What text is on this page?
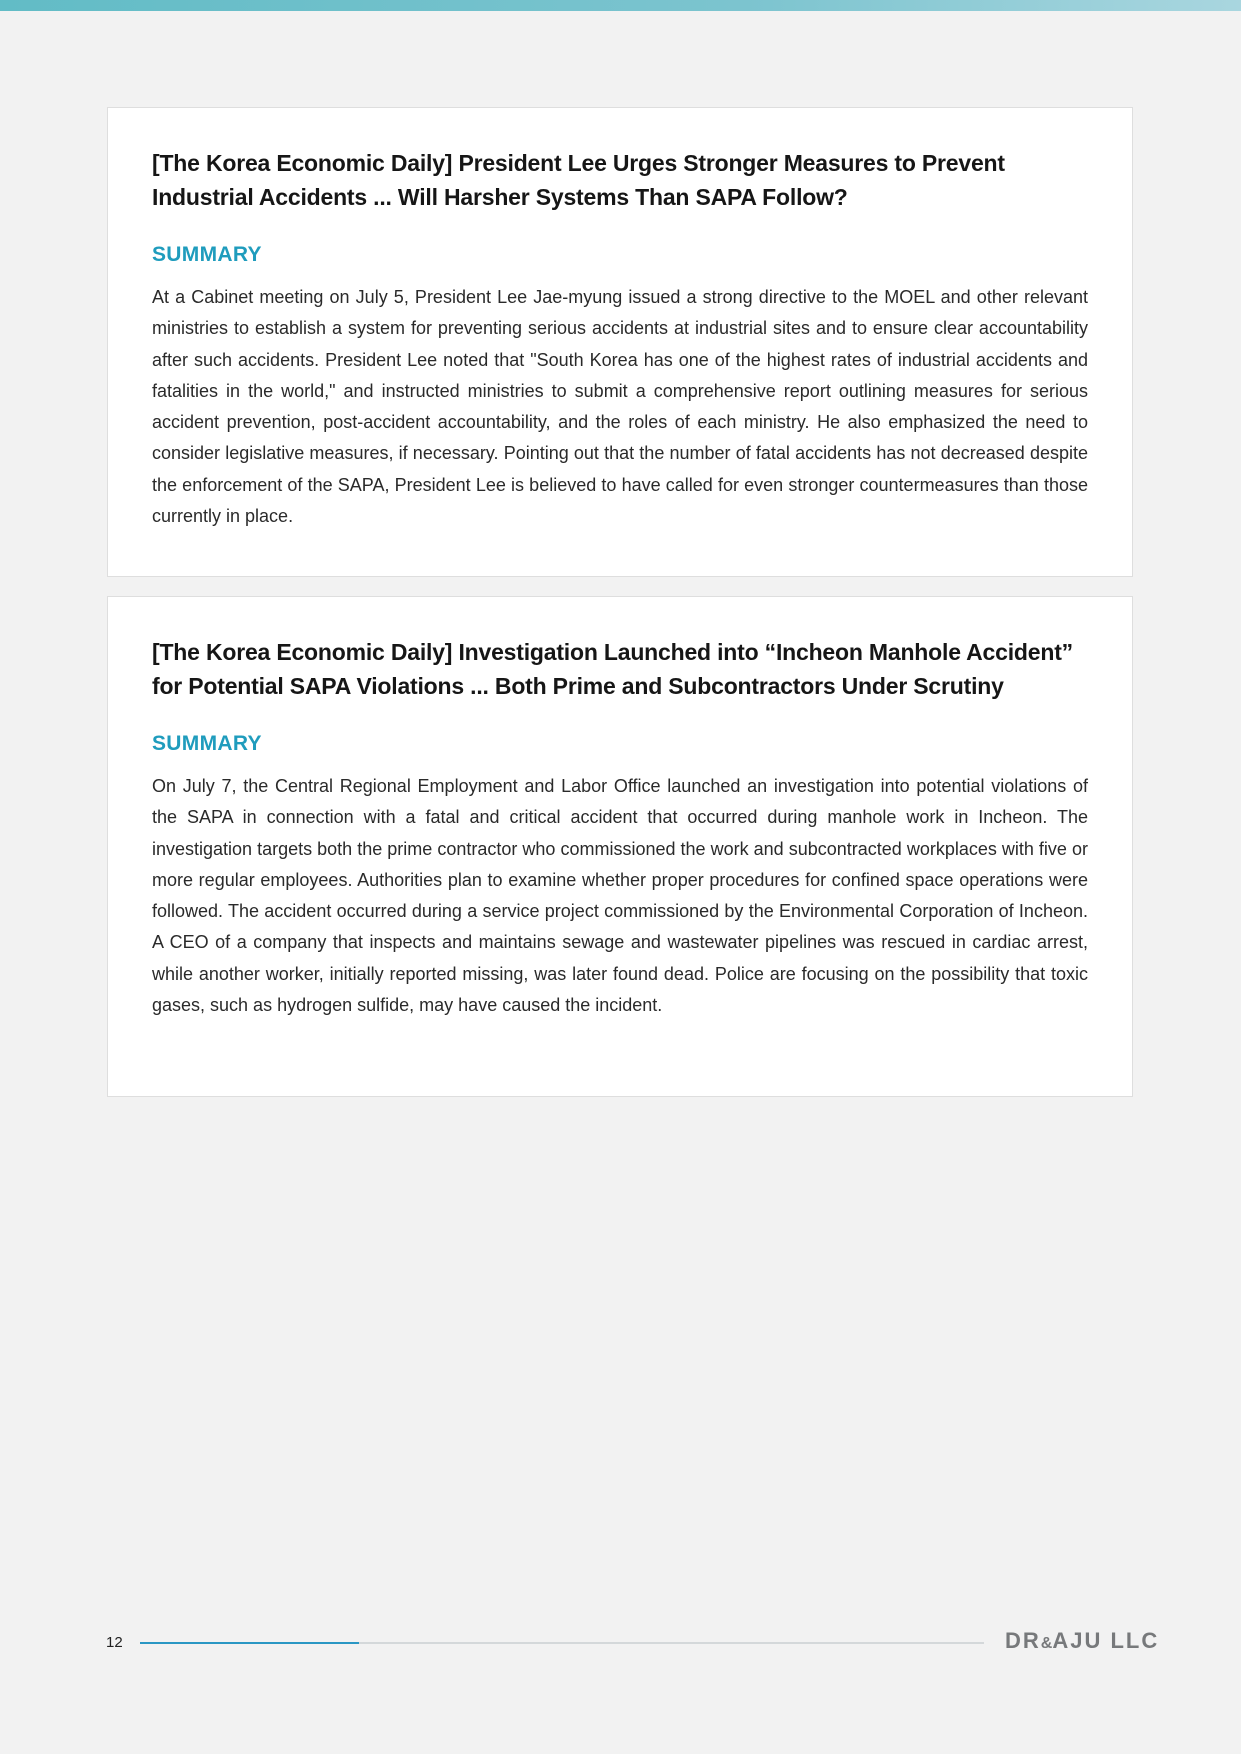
[The Korea Economic Daily] President Lee Urges Stronger Measures to Prevent Industrial Accidents ... Will Harsher Systems Than SAPA Follow?
SUMMARY

At a Cabinet meeting on July 5, President Lee Jae-myung issued a strong directive to the MOEL and other relevant ministries to establish a system for preventing serious accidents at industrial sites and to ensure clear accountability after such accidents. President Lee noted that "South Korea has one of the highest rates of industrial accidents and fatalities in the world," and instructed ministries to submit a comprehensive report outlining measures for serious accident prevention, post-accident accountability, and the roles of each ministry. He also emphasized the need to consider legislative measures, if necessary. Pointing out that the number of fatal accidents has not decreased despite the enforcement of the SAPA, President Lee is believed to have called for even stronger countermeasures than those currently in place.

[The Korea Economic Daily] Investigation Launched into “Incheon Manhole Accident” for Potential SAPA Violations ... Both Prime and Subcontractors Under Scrutiny
SUMMARY

On July 7, the Central Regional Employment and Labor Office launched an investigation into potential violations of the SAPA in connection with a fatal and critical accident that occurred during manhole work in Incheon. The investigation targets both the prime contractor who commissioned the work and subcontracted workplaces with five or more regular employees. Authorities plan to examine whether proper procedures for confined space operations were followed. The accident occurred during a service project commissioned by the Environmental Corporation of Incheon. A CEO of a company that inspects and maintains sewage and wastewater pipelines was rescued in cardiac arrest, while another worker, initially reported missing, was later found dead. Police are focusing on the possibility that toxic gases, such as hydrogen sulfide, may have caused the incident.

12	DR&AJU LLC
